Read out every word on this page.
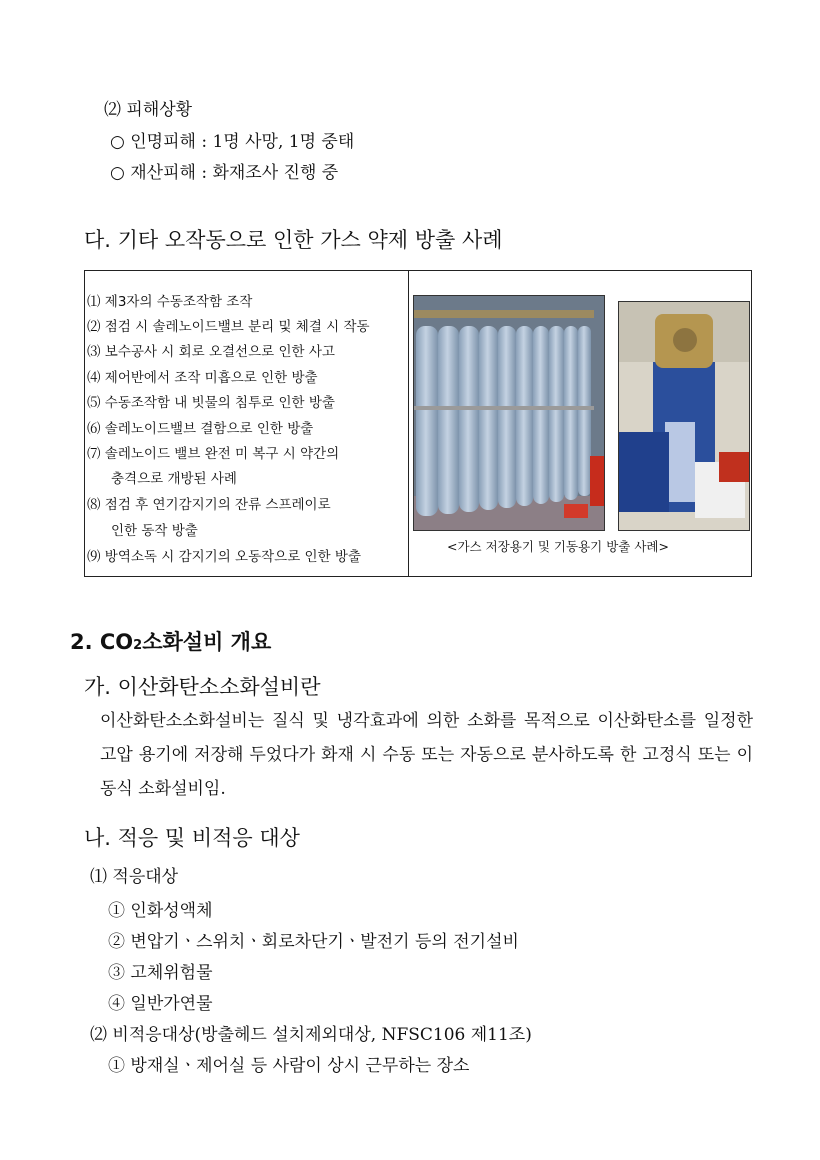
⑵ 피해상황
○ 인명피해 : 1명 사망, 1명 중태
○ 재산피해 : 화재조사 진행 중
다. 기타 오작동으로 인한 가스 약제 방출 사례
⑴ 제3자의 수동조작함 조작
⑵ 점검 시 솔레노이드밸브 분리 및 체결 시 작동
⑶ 보수공사 시 회로 오결선으로 인한 사고
⑷ 제어반에서 조작 미흡으로 인한 방출
⑸ 수동조작함 내 빗물의 침투로 인한 방출
⑹ 솔레노이드밸브 결함으로 인한 방출
⑺ 솔레노이드 밸브 완전 미 복구 시 약간의
충격으로 개방된 사례
⑻ 점검 후 연기감지기의 잔류 스프레이로
인한 동작 방출
⑼ 방역소독 시 감지기의 오동작으로 인한 방출
<가스 저장용기 및 기동용기 방출 사례>
2. CO2소화설비 개요
가. 이산화탄소소화설비란
이산화탄소소화설비는 질식 및 냉각효과에 의한 소화를 목적으로 이산화탄소를 일정한 고압 용기에 저장해 두었다가 화재 시 수동 또는 자동으로 분사하도록 한 고정식 또는 이동식 소화설비임.
나. 적응 및 비적응 대상
⑴ 적응대상
① 인화성액체
② 변압기ㆍ스위치ㆍ회로차단기ㆍ발전기 등의 전기설비
③ 고체위험물
④ 일반가연물
⑵ 비적응대상(방출헤드 설치제외대상, NFSC106 제11조)
① 방재실ㆍ제어실 등 사람이 상시 근무하는 장소
